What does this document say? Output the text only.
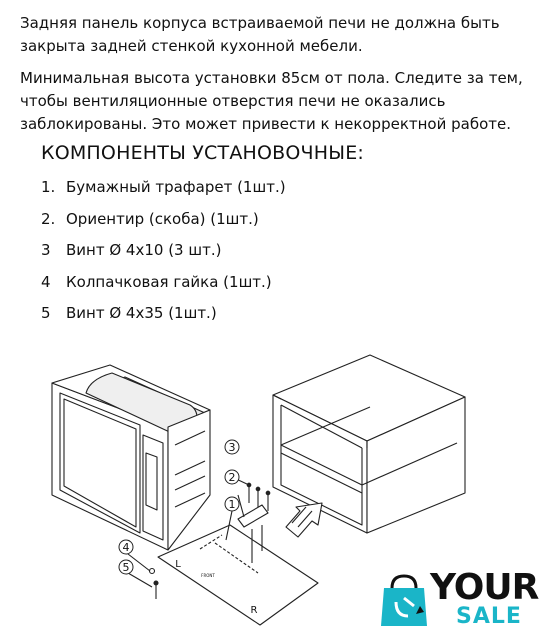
Задняя панель корпуса встраиваемой печи не должна быть закрыта задней стенкой кухонной мебели.

Минимальная высота установки 85см от пола. Следите за тем, чтобы вентиляционные отверстия печи не оказались заблокированы. Это может привести к некорректной работе.

КОМПОНЕНТЫ УСТАНОВОЧНЫЕ:
1. Бумажный трафарет (1шт.)
2. Ориентир (скоба) (1шт.)
3 Винт Ø 4х10 (3 шт.)
4 Колпачковая гайка (1шт.)
5 Винт Ø 4х35 (1шт.)
3
2
1
4
5	L
R
FRONT	YOUR
SALE
